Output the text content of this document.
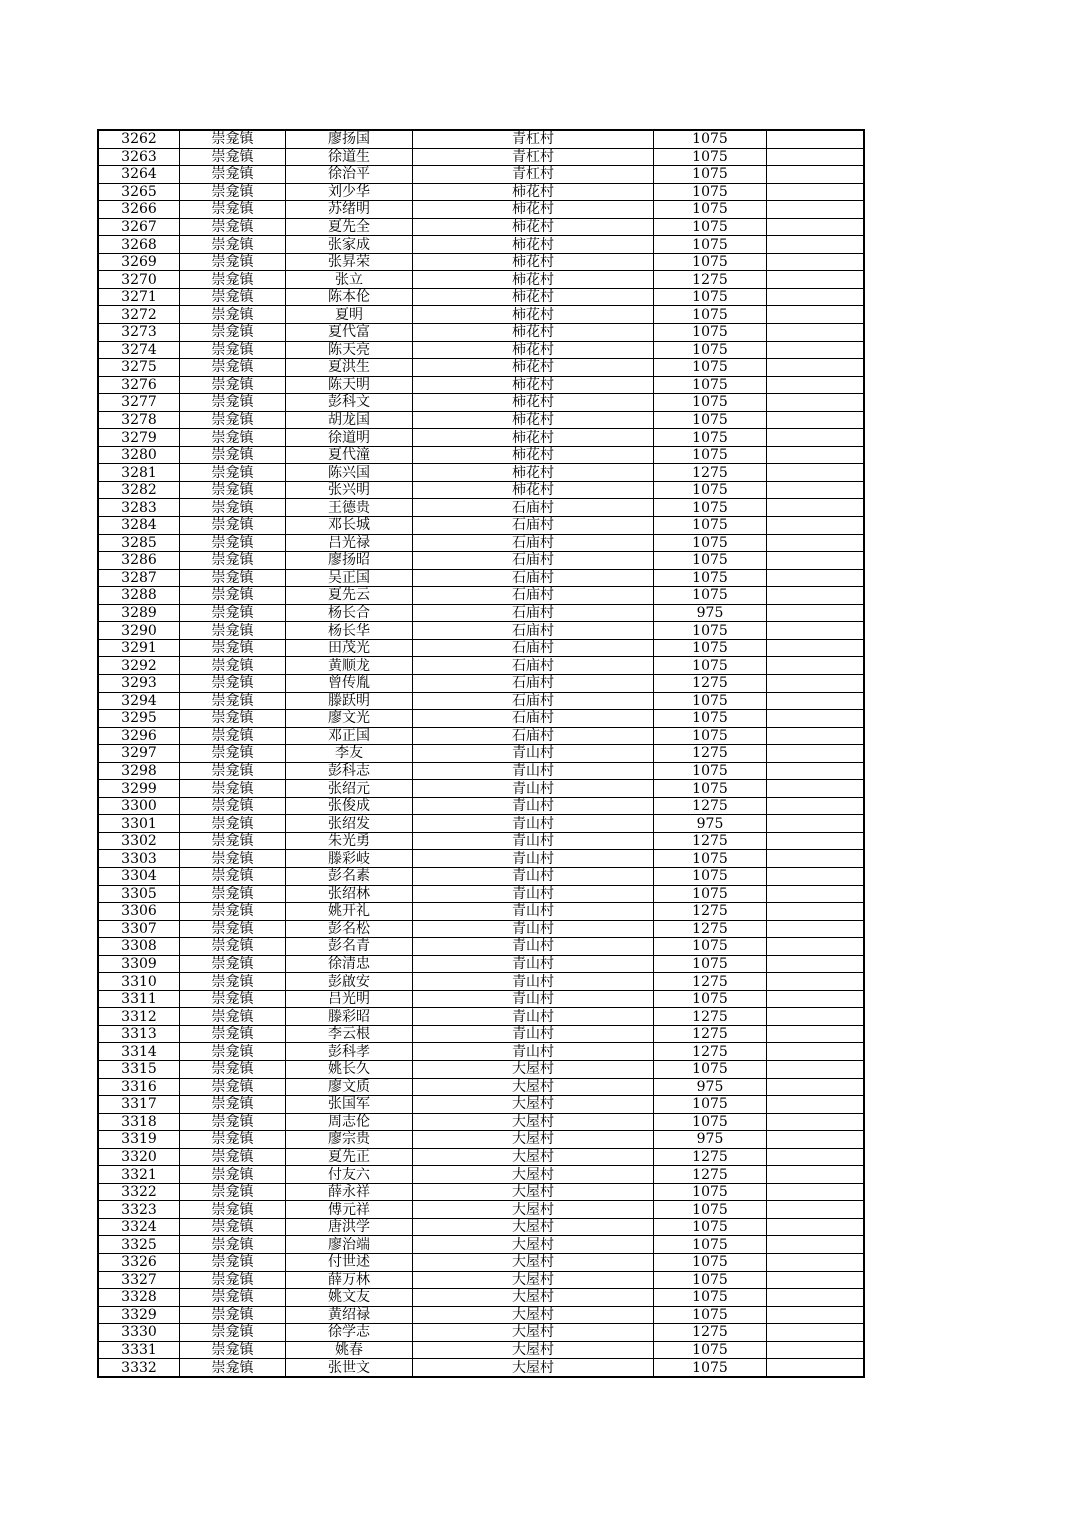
3262	崇龛镇	廖扬国	青杠村	1075	
3263	崇龛镇	徐道生	青杠村	1075	
3264	崇龛镇	徐治平	青杠村	1075	
3265	崇龛镇	刘少华	柿花村	1075	
3266	崇龛镇	苏绪明	柿花村	1075	
3267	崇龛镇	夏先全	柿花村	1075	
3268	崇龛镇	张家成	柿花村	1075	
3269	崇龛镇	张昇荣	柿花村	1075	
3270	崇龛镇	张立	柿花村	1275	
3271	崇龛镇	陈本伦	柿花村	1075	
3272	崇龛镇	夏明	柿花村	1075	
3273	崇龛镇	夏代富	柿花村	1075	
3274	崇龛镇	陈天亮	柿花村	1075	
3275	崇龛镇	夏洪生	柿花村	1075	
3276	崇龛镇	陈天明	柿花村	1075	
3277	崇龛镇	彭科文	柿花村	1075	
3278	崇龛镇	胡龙国	柿花村	1075	
3279	崇龛镇	徐道明	柿花村	1075	
3280	崇龛镇	夏代潼	柿花村	1075	
3281	崇龛镇	陈兴国	柿花村	1275	
3282	崇龛镇	张兴明	柿花村	1075	
3283	崇龛镇	王德贵	石庙村	1075	
3284	崇龛镇	邓长城	石庙村	1075	
3285	崇龛镇	吕光禄	石庙村	1075	
3286	崇龛镇	廖扬昭	石庙村	1075	
3287	崇龛镇	吴正国	石庙村	1075	
3288	崇龛镇	夏先云	石庙村	1075	
3289	崇龛镇	杨长合	石庙村	975	
3290	崇龛镇	杨长华	石庙村	1075	
3291	崇龛镇	田茂光	石庙村	1075	
3292	崇龛镇	黄顺龙	石庙村	1075	
3293	崇龛镇	曾传胤	石庙村	1275	
3294	崇龛镇	滕跃明	石庙村	1075	
3295	崇龛镇	廖文光	石庙村	1075	
3296	崇龛镇	邓正国	石庙村	1075	
3297	崇龛镇	李友	青山村	1275	
3298	崇龛镇	彭科志	青山村	1075	
3299	崇龛镇	张绍元	青山村	1075	
3300	崇龛镇	张俊成	青山村	1275	
3301	崇龛镇	张绍发	青山村	975	
3302	崇龛镇	朱光勇	青山村	1275	
3303	崇龛镇	滕彩岐	青山村	1075	
3304	崇龛镇	彭名素	青山村	1075	
3305	崇龛镇	张绍林	青山村	1075	
3306	崇龛镇	姚开礼	青山村	1275	
3307	崇龛镇	彭名松	青山村	1275	
3308	崇龛镇	彭名青	青山村	1075	
3309	崇龛镇	徐清忠	青山村	1075	
3310	崇龛镇	彭啟安	青山村	1275	
3311	崇龛镇	吕光明	青山村	1075	
3312	崇龛镇	滕彩昭	青山村	1275	
3313	崇龛镇	李云根	青山村	1275	
3314	崇龛镇	彭科孝	青山村	1275	
3315	崇龛镇	姚长久	大屋村	1075	
3316	崇龛镇	廖文质	大屋村	975	
3317	崇龛镇	张国军	大屋村	1075	
3318	崇龛镇	周志伦	大屋村	1075	
3319	崇龛镇	廖宗贵	大屋村	975	
3320	崇龛镇	夏先正	大屋村	1275	
3321	崇龛镇	付友六	大屋村	1275	
3322	崇龛镇	薛永祥	大屋村	1075	
3323	崇龛镇	傅元祥	大屋村	1075	
3324	崇龛镇	唐洪学	大屋村	1075	
3325	崇龛镇	廖治端	大屋村	1075	
3326	崇龛镇	付世述	大屋村	1075	
3327	崇龛镇	薛万林	大屋村	1075	
3328	崇龛镇	姚文友	大屋村	1075	
3329	崇龛镇	黄绍禄	大屋村	1075	
3330	崇龛镇	徐学志	大屋村	1275	
3331	崇龛镇	姚春	大屋村	1075	
3332	崇龛镇	张世文	大屋村	1075	
